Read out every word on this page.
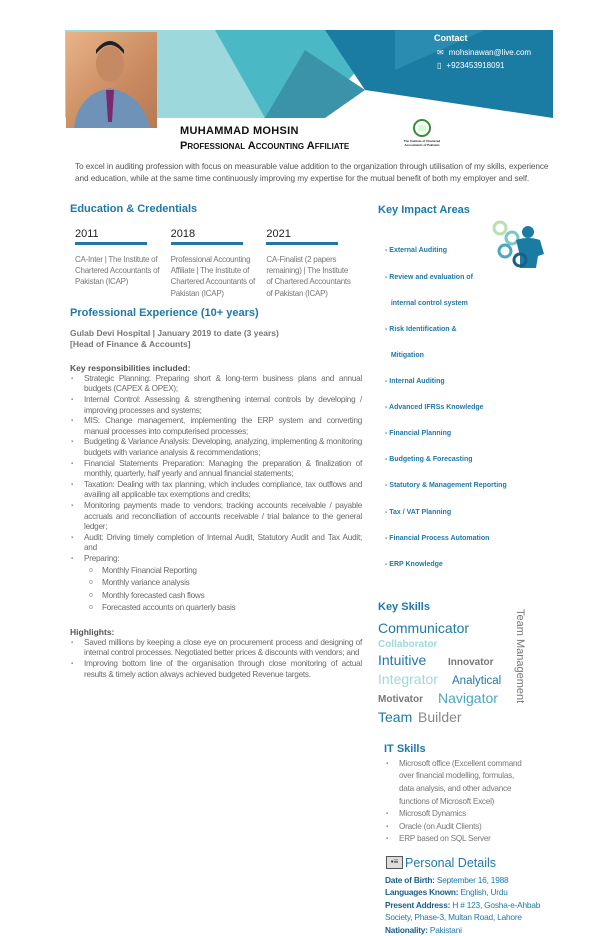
Contact
✉ mohsinawan@live.com
▯ +923453918091
MUHAMMAD MOHSIN
Professional Accounting Affiliate	The Institute of Chartered Accountants of Pakistan
To excel in auditing profession with focus on measurable value addition to the organization through utilisation of my skills, experience and education, while at the same time continuously improving my expertise for the mutual benefit of both my employer and self.
Education & Credentials
2011
CA-Inter | The Institute of Chartered Accountants of Pakistan (ICAP)
2018
Professional Accounting Affiliate | The Institute of Chartered Accountants of Pakistan (ICAP)
2021
CA-Finalist (2 papers remaining) | The Institute of Chartered Accountants of Pakistan (ICAP)
Professional Experience (10+ years)
Gulab Devi Hospital | January 2019 to date (3 years)
[Head of Finance & Accounts]
Key responsibilities included:
▪ Strategic Planning: Preparing short & long-term business plans and annual budgets (CAPEX & OPEX);
▪ Internal Control: Assessing & strengthening internal controls by developing / improving processes and systems;
▪ MIS: Change management, implementing the ERP system and converting manual processes into computerised processes;
▪ Budgeting & Variance Analysis: Developing, analyzing, implementing & monitoring budgets with variance analysis & recommendations;
▪ Financial Statements Preparation: Managing the preparation & finalization of monthly, quarterly, half yearly and annual financial statements;
▪ Taxation: Dealing with tax planning, which includes compliance, tax outflows and availing all applicable tax exemptions and credits;
▪ Monitoring payments made to vendors; tracking accounts receivable / payable accruals and reconciliation of accounts receivable / trial balance to the general ledger;
▪ Audit: Driving timely completion of Internal Audit, Statutory Audit and Tax Audit; and
▪ Preparing:
o Monthly Financial Reporting
o Monthly variance analysis
o Monthly forecasted cash flows
o Forecasted accounts on quarterly basis
Highlights:
▪ Saved millions by keeping a close eye on procurement process and designing of internal control processes. Negotiated better prices & discounts with vendors; and
▪ Improving bottom line of the organisation through close monitoring of actual results & timely action always achieved budgeted Revenue targets.
Key Impact Areas

- External Auditing

- Review and evaluation of

internal control system

- Risk Identification &

Mitigation

- Internal Auditing

- Advanced IFRSs Knowledge

- Financial Planning

- Budgeting & Forecasting

- Statutory & Management Reporting

- Tax / VAT Planning

- Financial Process Automation

- ERP Knowledge

Key Skills
Communicator
Collaborator
Intuitive Innovator
Integrator Analytical
Motivator Navigator
Team Builder
Team Management
IT Skills
▪ Microsoft office (Excellent command over financial modelling, formulas, data analysis, and other advance functions of Microsoft Excel)
▪ Microsoft Dynamics
▪ Oracle (on Audit Clients)
▪ ERP based on SQL Server
▪≡ Personal Details
Date of Birth: September 16, 1988
Languages Known: English, Urdu
Present Address: H # 123, Gosha-e-Ahbab Society, Phase-3, Multan Road, Lahore
Nationality: Pakistani
